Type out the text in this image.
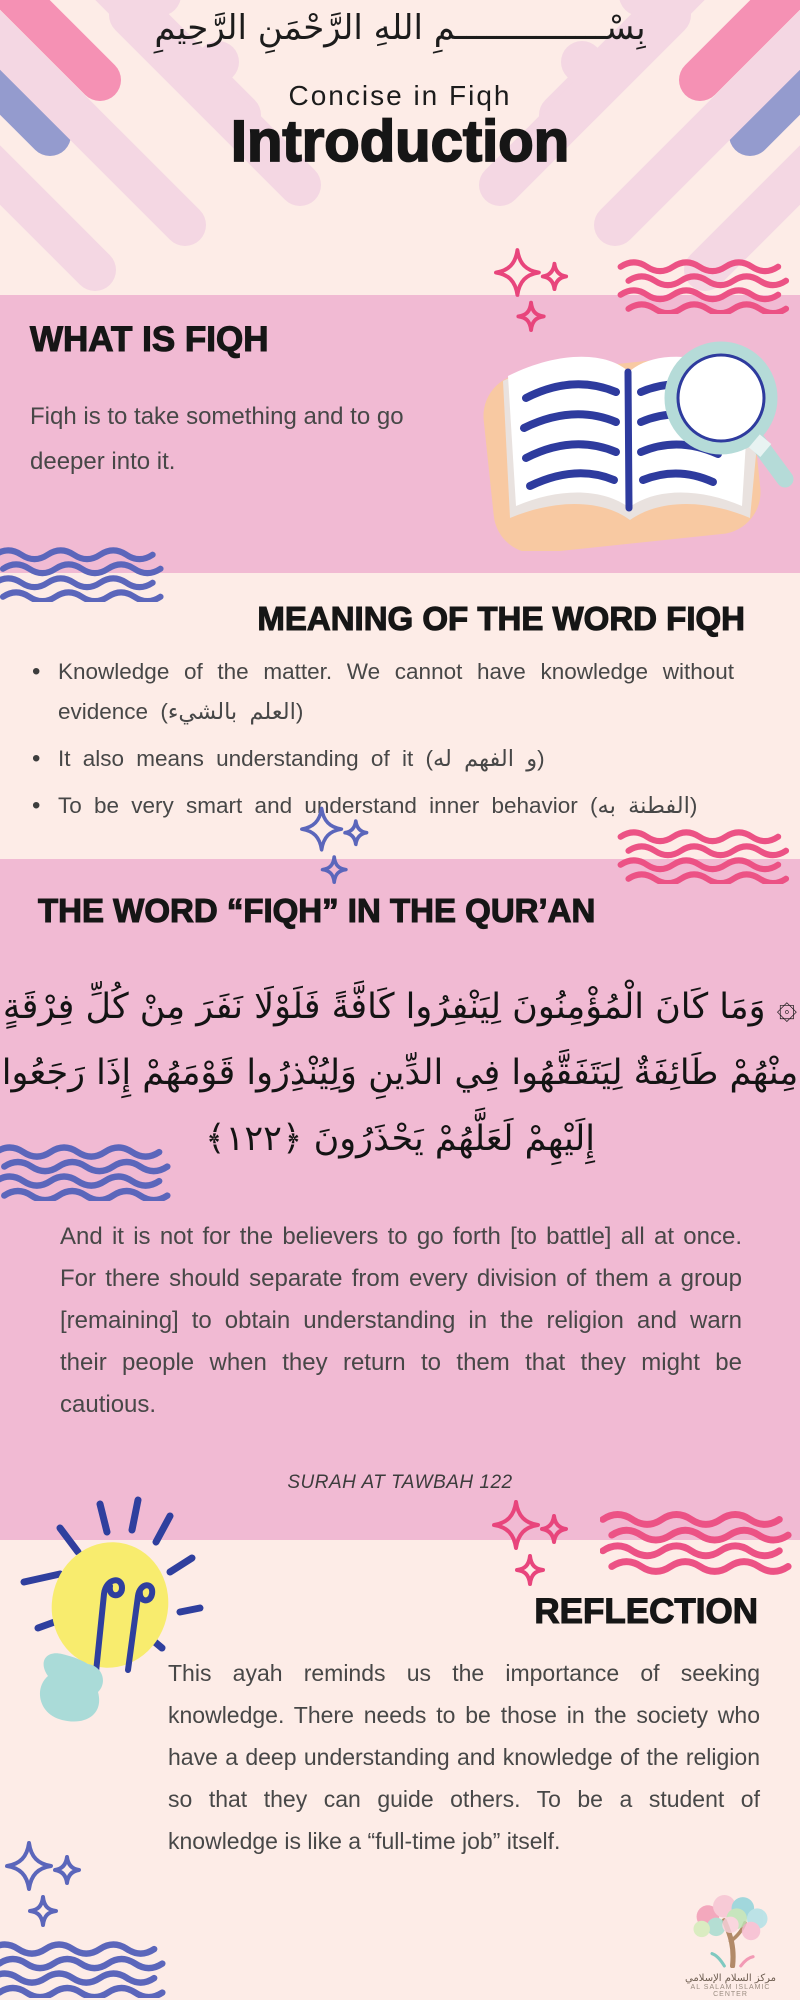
بِسْـــــــــــــــمِ اللهِ الرَّحْمَنِ الرَّحِيمِ
Concise in Fiqh
Introduction
WHAT IS FIQH
Fiqh is to take something and to go deeper into it.
MEANING OF THE WORD FIQH
• Knowledge of the matter. We cannot have knowledge without evidence (العلم بالشيء)
• It also means understanding of it (و الفهم له)
• To be very smart and understand inner behavior (الفطنة به)
THE WORD “FIQH” IN THE QUR’AN
۞ وَمَا كَانَ الْمُؤْمِنُونَ لِيَنْفِرُوا كَافَّةً فَلَوْلَا نَفَرَ مِنْ كُلِّ فِرْقَةٍ
مِنْهُمْ طَائِفَةٌ لِيَتَفَقَّهُوا فِي الدِّينِ وَلِيُنْذِرُوا قَوْمَهُمْ إِذَا رَجَعُوا
إِلَيْهِمْ لَعَلَّهُمْ يَحْذَرُونَ ﴿١٢٢﴾
And it is not for the believers to go forth [to battle] all at once. For there should separate from every division of them a group [remaining] to obtain understanding in the religion and warn their people when they return to them that they might be cautious.
SURAH AT TAWBAH 122
REFLECTION
This ayah reminds us the importance of seeking knowledge. There needs to be those in the society who have a deep understanding and knowledge of the religion so that they can guide others. To be a student of knowledge is like a “full-time job” itself.
مركز السلام الإسلامي
AL SALAM ISLAMIC CENTER
